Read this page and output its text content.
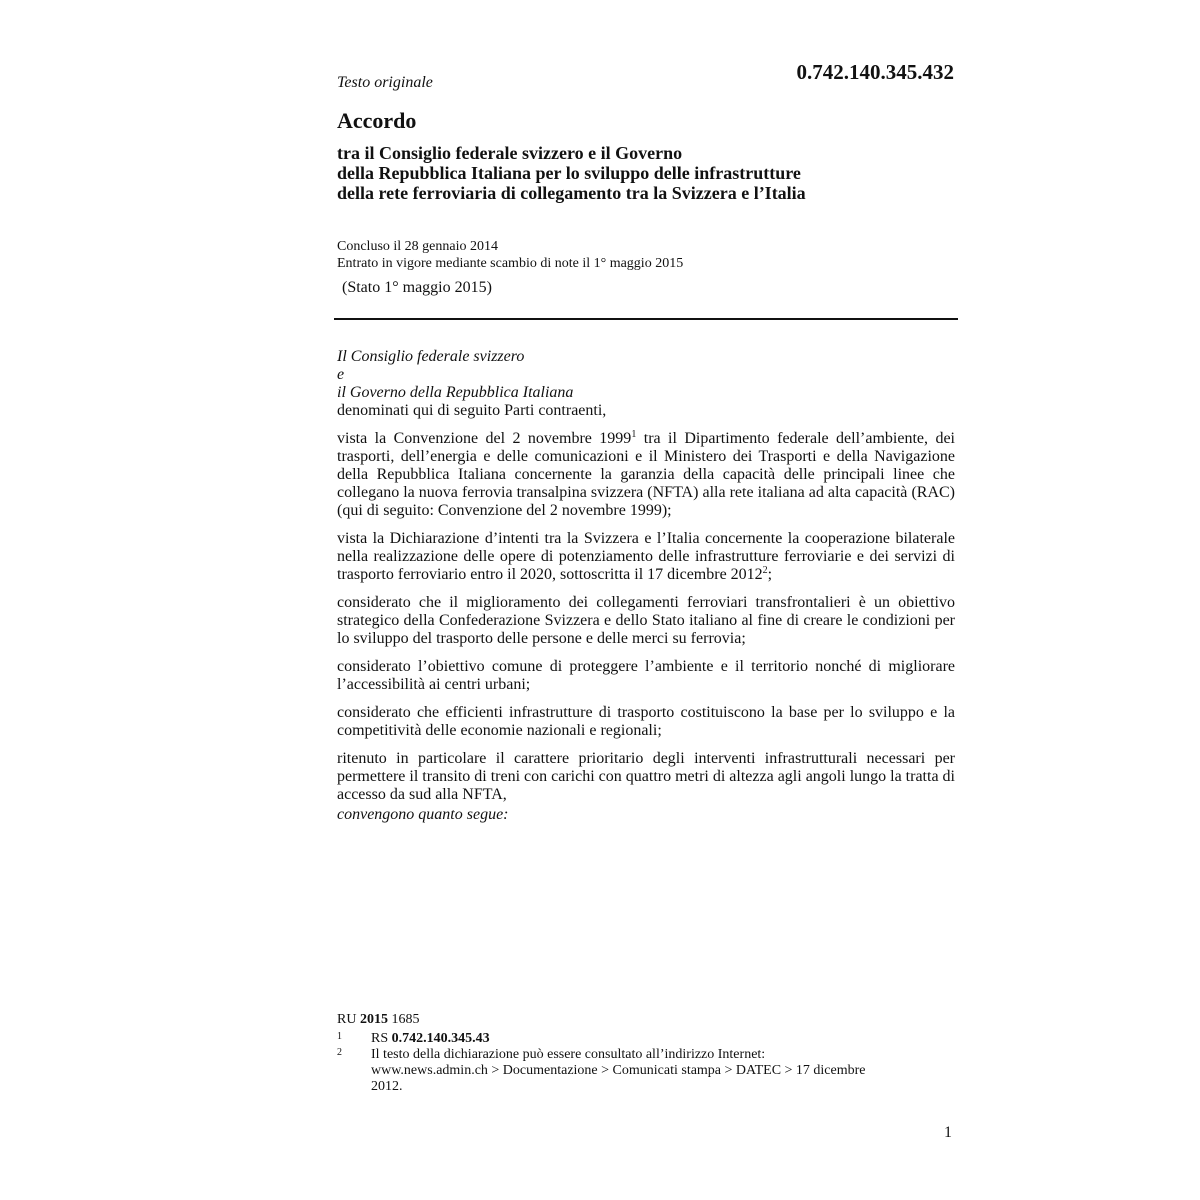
0.742.140.345.432
Testo originale
Accordo
tra il Consiglio federale svizzero e il Governo
della Repubblica Italiana per lo sviluppo delle infrastrutture
della rete ferroviaria di collegamento tra la Svizzera e l’Italia
Concluso il 28 gennaio 2014
Entrato in vigore mediante scambio di note il 1° maggio 2015
(Stato 1° maggio 2015)
Il Consiglio federale svizzero
e
il Governo della Repubblica Italiana
denominati qui di seguito Parti contraenti,
vista la Convenzione del 2 novembre 1999$^1$ tra il Dipartimento federale dell’ambiente, dei trasporti, dell’energia e delle comunicazioni e il Ministero dei Trasporti e della Navigazione della Repubblica Italiana concernente la garanzia della capacità delle principali linee che collegano la nuova ferrovia transalpina svizzera (NFTA) alla rete italiana ad alta capacità (RAC) (qui di seguito: Convenzione del 2 novembre 1999);
vista la Dichiarazione d’intenti tra la Svizzera e l’Italia concernente la cooperazione bilaterale nella realizzazione delle opere di potenziamento delle infrastrutture ferroviarie e dei servizi di trasporto ferroviario entro il 2020, sottoscritta il 17 dicembre 2012$^2$;
considerato che il miglioramento dei collegamenti ferroviari transfrontalieri è un obiettivo strategico della Confederazione Svizzera e dello Stato italiano al fine di creare le condizioni per lo sviluppo del trasporto delle persone e delle merci su ferrovia;
considerato l’obiettivo comune di proteggere l’ambiente e il territorio nonché di migliorare l’accessibilità ai centri urbani;
considerato che efficienti infrastrutture di trasporto costituiscono la base per lo sviluppo e la competitività delle economie nazionali e regionali;
ritenuto in particolare il carattere prioritario degli interventi infrastrutturali necessari per permettere il transito di treni con carichi con quattro metri di altezza agli angoli lungo la tratta di accesso da sud alla NFTA,
convengono quanto segue:
RU 2015 1685
1 RS 0.742.140.345.43
2 Il testo della dichiarazione può essere consultato all’indirizzo Internet:
www.news.admin.ch > Documentazione > Comunicati stampa > DATEC > 17 dicembre
2012.
1
